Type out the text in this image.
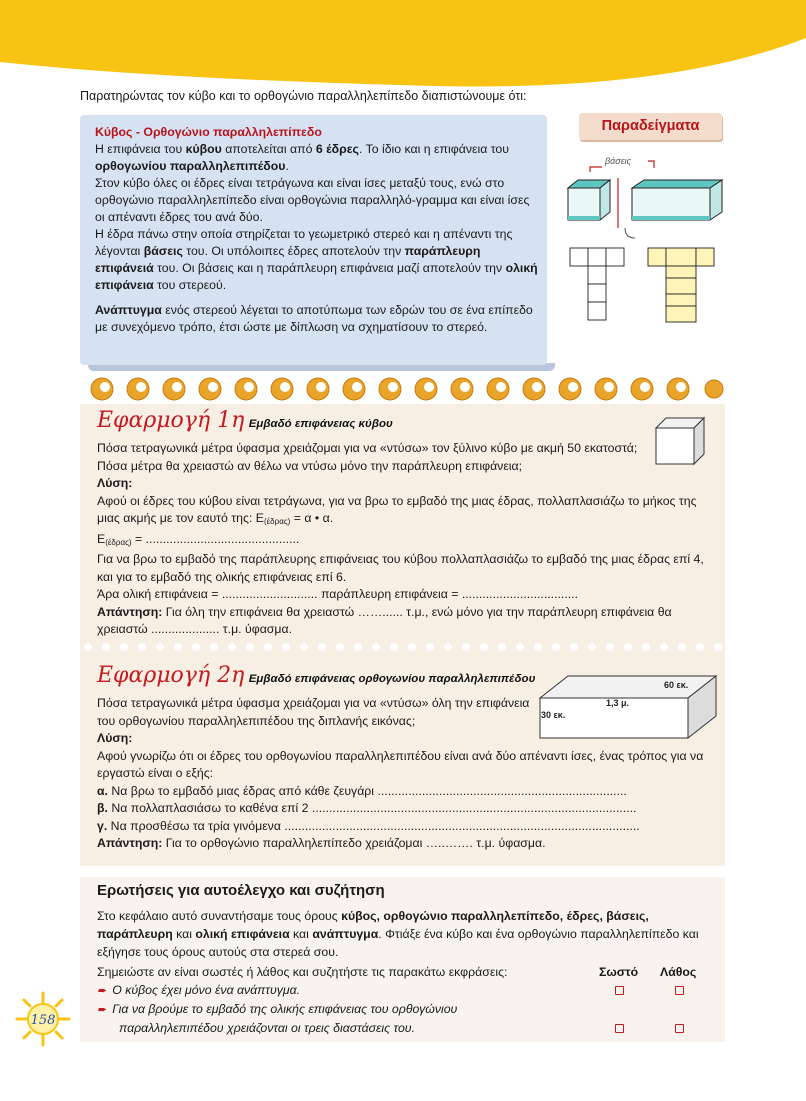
Παρατηρώντας τον κύβο και το ορθογώνιο παραλληλεπίπεδο διαπιστώνουμε ότι:
Κύβος - Ορθογώνιο παραλληλεπίπεδο
Η επιφάνεια του κύβου αποτελείται από 6 έδρες. Το ίδιο και η επιφάνεια του ορθογωνίου παραλληλεπιπέδου.
Στον κύβο όλες οι έδρες είναι τετράγωνα και είναι ίσες μεταξύ τους, ενώ στο ορθογώνιο παραλληλεπίπεδο είναι ορθογώνια παραλληλό-γραμμα και είναι ίσες οι απέναντι έδρες του ανά δύο.
Η έδρα πάνω στην οποία στηρίζεται το γεωμετρικό στερεό και η απέναντι της λέγονται βάσεις του. Οι υπόλοιπες έδρες αποτελούν την παράπλευρη επιφάνειά του. Οι βάσεις και η παράπλευρη επιφάνεια μαζί αποτελούν την ολική επιφάνεια του στερεού.
Ανάπτυγμα ενός στερεού λέγεται το αποτύπωμα των εδρών του σε ένα επίπεδο με συνεχόμενο τρόπο, έτσι ώστε με δίπλωση να σχηματίσουν το στερεό.
Παραδείγματα
βάσεις
Εφαρμογή 1η Εμβαδό επιφάνειας κύβου
Πόσα τετραγωνικά μέτρα ύφασμα χρειάζομαι για να «ντύσω» τον ξύλινο κύβο με ακμή 50 εκατοστά; Πόσα μέτρα θα χρειαστώ αν θέλω να ντύσω μόνο την παράπλευρη επιφάνεια;
Λύση:
Αφού οι έδρες του κύβου είναι τετράγωνα, για να βρω το εμβαδό της μιας έδρας, πολλαπλασιάζω το μήκος της μιας ακμής με τον εαυτό της: $E_{(έ\delta\rho\alpha\varsigma)} = \alpha$ • α.
$E_{(έ\delta\rho\alpha\varsigma)}$ = .............................................
Για να βρω το εμβαδό της παράπλευρης επιφάνειας του κύβου πολλαπλασιάζω το εμβαδό της μιας έδρας επί 4, και για το εμβαδό της ολικής επιφάνειας επί 6.
Άρα ολική επιφάνεια = ............................ παράπλευρη επιφάνεια = ..................................
Απάντηση: Για όλη την επιφάνεια θα χρειαστώ ……...... τ.μ., ενώ μόνο για την παράπλευρη επιφάνεια θα χρειαστώ .................... τ.μ. ύφασμα.
Εφαρμογή 2η Εμβαδό επιφάνειας ορθογωνίου παραλληλεπιπέδου	60 εκ.
1,3 μ.
30 εκ.
Πόσα τετραγωνικά μέτρα ύφασμα χρειάζομαι για να «ντύσω» όλη την επιφάνεια του ορθογωνίου παραλληλεπιπέδου της διπλανής εικόνας;
Λύση:
Αφού γνωρίζω ότι οι έδρες του ορθογωνίου παραλληλεπιπέδου είναι ανά δύο απέναντι ίσες, ένας τρόπος για να εργαστώ είναι ο εξής:
α. Να βρω το εμβαδό μιας έδρας από κάθε ζευγάρι .........................................................................
β. Να πολλαπλασιάσω το καθένα επί 2 ...............................................................................................
γ. Να προσθέσω τα τρία γινόμενα ........................................................................................................
Απάντηση: Για το ορθογώνιο παραλληλεπίπεδο χρειάζομαι …..……. τ.μ. ύφασμα.
Ερωτήσεις για αυτοέλεγχο και συζήτηση
Στο κεφάλαιο αυτό συναντήσαμε τους όρους κύβος, ορθογώνιο παραλληλεπίπεδο, έδρες, βάσεις, παράπλευρη και ολική επιφάνεια και ανάπτυγμα. Φτιάξε ένα κύβο και ένα ορθογώνιο παραλληλεπίπεδο και εξήγησε τους όρους αυτούς στα στερεά σου.
Σημειώστε αν είναι σωστές ή λάθος και συζητήστε τις παρακάτω εκφράσεις:	Σωστό Λάθος
➨ Ο κύβος έχει μόνο ένα ανάπτυγμα.
➨ Για να βρούμε το εμβαδό της ολικής επιφάνειας του ορθογώνιου
παραλληλεπιπέδου χρειάζονται οι τρεις διαστάσεις του.
158
